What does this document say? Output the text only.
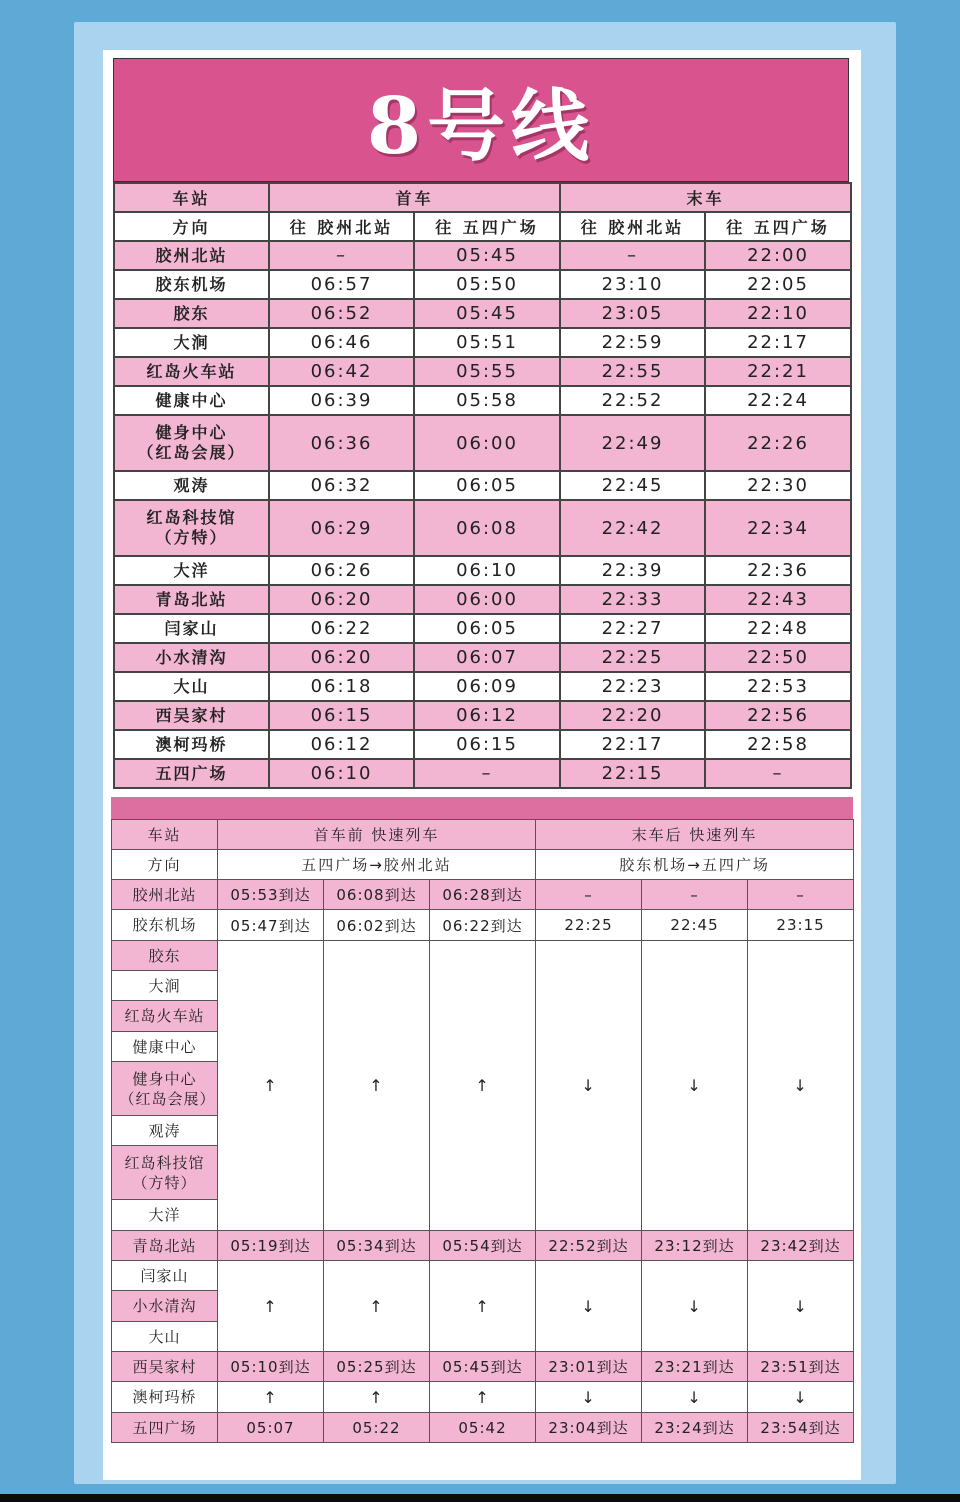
8号线
车站	首车		末车	
方向	往 胶州北站	往 五四广场	往 胶州北站	往 五四广场

胶州北站	–	05:45	–	22:00

胶东机场	06:57	05:50	23:10	22:05

胶东	06:52	05:45	23:05	22:10

大涧	06:46	05:51	22:59	22:17

红岛火车站	06:42	05:55	22:55	22:21

健康中心	06:39	05:58	22:52	22:24

健身中心
（红岛会展）	06:36	06:00	22:49	22:26

观涛	06:32	06:05	22:45	22:30

红岛科技馆
（方特）	06:29	06:08	22:42	22:34

大洋	06:26	06:10	22:39	22:36

青岛北站	06:20	06:00	22:33	22:43

闫家山	06:22	06:05	22:27	22:48

小水清沟	06:20	06:07	22:25	22:50

大山	06:18	06:09	22:23	22:53

西吴家村	06:15	06:12	22:20	22:56

澳柯玛桥	06:12	06:15	22:17	22:58

五四广场	06:10	–	22:15	–
车站	首车前 快速列车			末车后 快速列车		
方向	五四广场→胶州北站			胶东机场→五四广场		
胶州北站	05:53到达	06:08到达	06:28到达	–	–	–
胶东机场	05:47到达	06:02到达	06:22到达	22:25	22:45	23:15
胶东	↑	↑	↑	↓	↓	↓
大涧						
红岛火车站						
健康中心						
健身中心（红岛会展）						
观涛						
红岛科技馆（方特）						
大洋						
青岛北站	05:19到达	05:34到达	05:54到达	22:52到达	23:12到达	23:42到达
闫家山	↑	↑	↑	↓	↓	↓
小水清沟						
大山						
西吴家村	05:10到达	05:25到达	05:45到达	23:01到达	23:21到达	23:51到达
澳柯玛桥	↑	↑	↑	↓	↓	↓
五四广场	05:07	05:22	05:42	23:04到达	23:24到达	23:54到达
